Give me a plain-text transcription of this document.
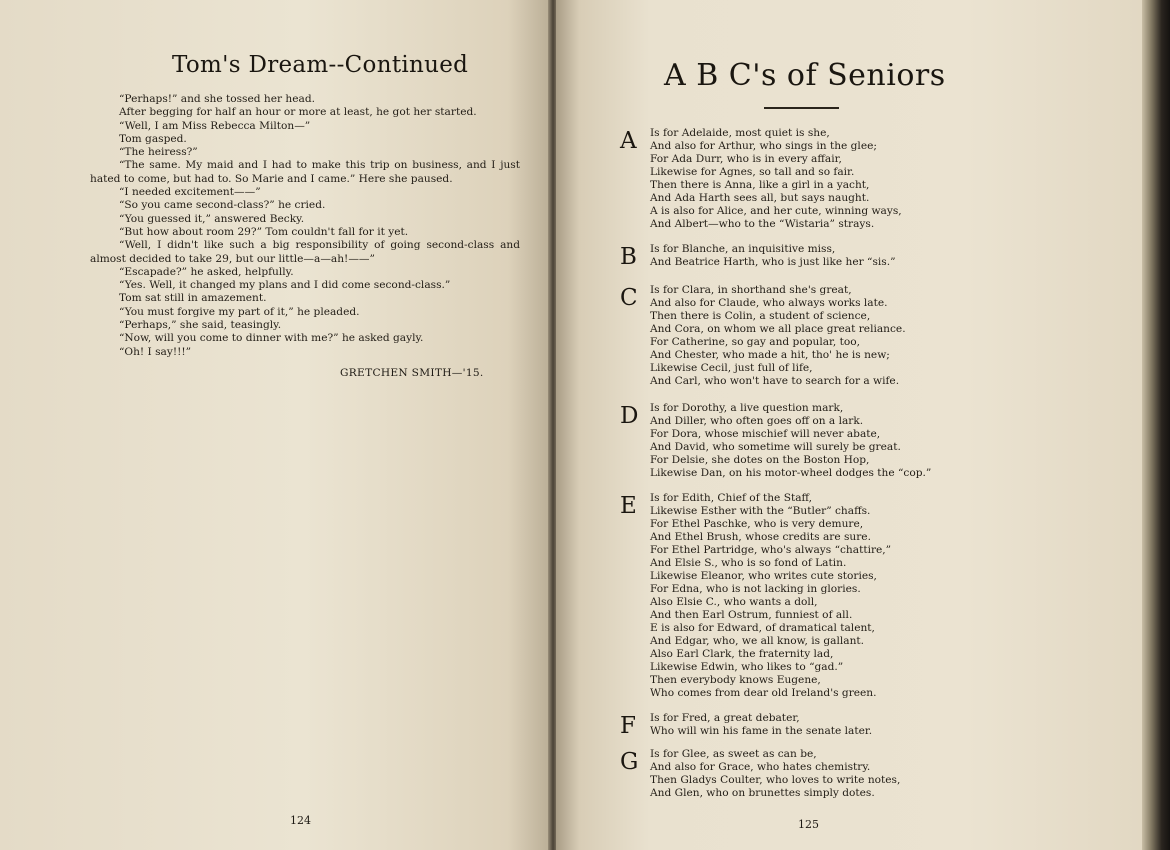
Tom's Dream--Continued

“Perhaps!” and she tossed her head.

After begging for half an hour or more at least, he got her started.

“Well, I am Miss Rebecca Milton—”

Tom gasped.

“The heiress?”

“The same. My maid and I had to make this trip on business, and I just hated to come, but had to. So Marie and I came.” Here she paused.

“I needed excitement——”

“So you came second-class?” he cried.

“You guessed it,” answered Becky.

“But how about room 29?” Tom couldn't fall for it yet.

“Well, I didn't like such a big responsibility of going second-class and almost decided to take 29, but our little—a—ah!——”

“Escapade?” he asked, helpfully.

“Yes. Well, it changed my plans and I did come second-class.”

Tom sat still in amazement.

“You must forgive my part of it,” he pleaded.

“Perhaps,” she said, teasingly.

“Now, will you come to dinner with me?” he asked gayly.

“Oh! I say!!!”

GRETCHEN SMITH—'15.
124
A B C's of Seniors
125
A Is for Adelaide, most quiet is she,
And also for Arthur, who sings in the glee;
For Ada Durr, who is in every affair,
Likewise for Agnes, so tall and so fair.
Then there is Anna, like a girl in a yacht,
And Ada Harth sees all, but says naught.
A is also for Alice, and her cute, winning ways,
And Albert—who to the “Wistaria” strays.
B Is for Blanche, an inquisitive miss,
And Beatrice Harth, who is just like her “sis.”
C Is for Clara, in shorthand she's great,
And also for Claude, who always works late.
Then there is Colin, a student of science,
And Cora, on whom we all place great reliance.
For Catherine, so gay and popular, too,
And Chester, who made a hit, tho' he is new;
Likewise Cecil, just full of life,
And Carl, who won't have to search for a wife.
D Is for Dorothy, a live question mark,
And Diller, who often goes off on a lark.
For Dora, whose mischief will never abate,
And David, who sometime will surely be great.
For Delsie, she dotes on the Boston Hop,
Likewise Dan, on his motor-wheel dodges the “cop.”
E Is for Edith, Chief of the Staff,
Likewise Esther with the “Butler” chaffs.
For Ethel Paschke, who is very demure,
And Ethel Brush, whose credits are sure.
For Ethel Partridge, who's always “chattire,”
And Elsie S., who is so fond of Latin.
Likewise Eleanor, who writes cute stories,
For Edna, who is not lacking in glories.
Also Elsie C., who wants a doll,
And then Earl Ostrum, funniest of all.
E is also for Edward, of dramatical talent,
And Edgar, who, we all know, is gallant.
Also Earl Clark, the fraternity lad,
Likewise Edwin, who likes to “gad.”
Then everybody knows Eugene,
Who comes from dear old Ireland's green.
F Is for Fred, a great debater,
Who will win his fame in the senate later.
G Is for Glee, as sweet as can be,
And also for Grace, who hates chemistry.
Then Gladys Coulter, who loves to write notes,
And Glen, who on brunettes simply dotes.
